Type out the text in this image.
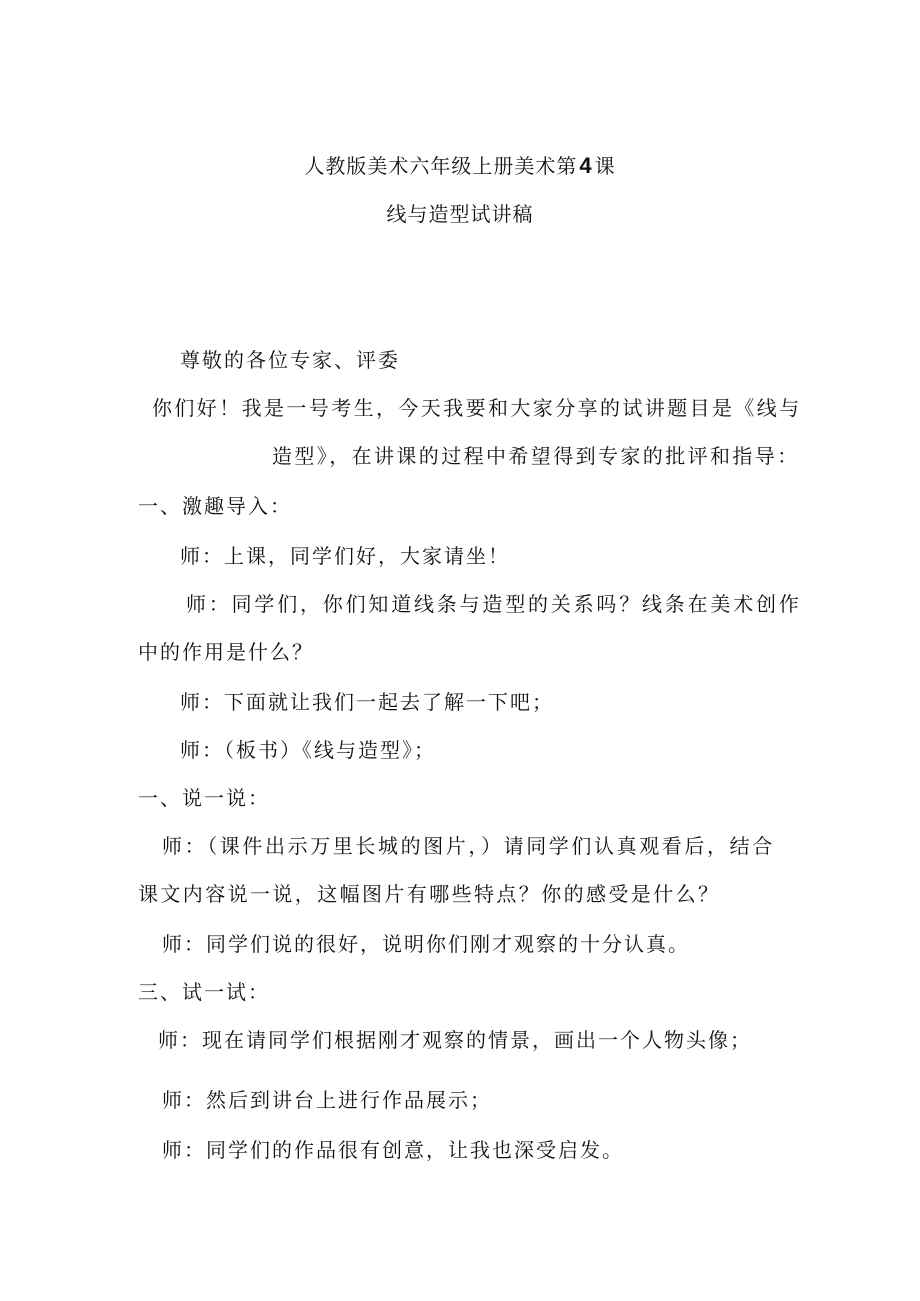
人教版美术六年级上册美术第4 课
线与造型试讲稿
尊敬的各位专家、评委
你们好！我是一号考生，今天我要和大家分享的试讲题目是《线与
造型》，在讲课的过程中希望得到专家的批评和指导：
一、激趣导入：
师：上课，同学们好，大家请坐！
师：同学们，你们知道线条与造型的关系吗？线条在美术创作
中的作用是什么？
师：下面就让我们一起去了解一下吧；
师：（板书）《线与造型》；
一、说一说：
师：（课件出示万里长城的图片，）请同学们认真观看后，结合
课文内容说一说，这幅图片有哪些特点？你的感受是什么？
师：同学们说的很好，说明你们刚才观察的十分认真。
三、试一试：
师：现在请同学们根据刚才观察的情景，画出一个人物头像；
师：然后到讲台上进行作品展示；
师：同学们的作品很有创意，让我也深受启发。
